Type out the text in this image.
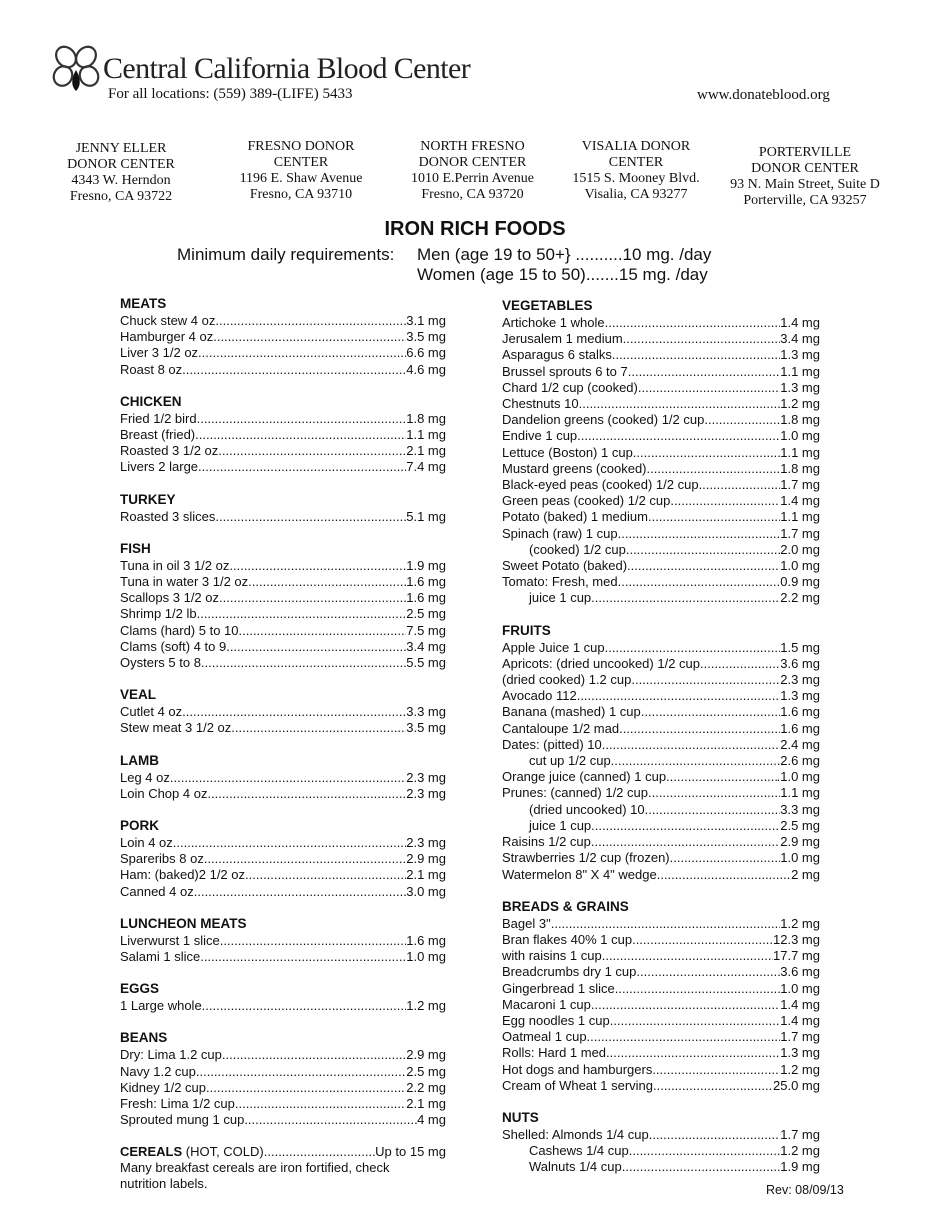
Central California Blood Center
For all locations: (559) 389-(LIFE) 5433	www.donateblood.org
JENNY ELLER
DONOR CENTER
4343 W. Herndon
Fresno, CA 93722
FRESNO DONOR
CENTER
1196 E. Shaw Avenue
Fresno, CA 93710
NORTH FRESNO
DONOR CENTER
1010 E.Perrin Avenue
Fresno, CA 93720
VISALIA DONOR
CENTER
1515 S. Mooney Blvd.
Visalia, CA 93277
PORTERVILLE
DONOR CENTER
93 N. Main Street, Suite D
Porterville, CA 93257
IRON RICH FOODS
Minimum daily requirements: Men (age 19 to 50+} ..........10 mg. /day
Women (age 15 to 50).......15 mg. /day
MEATS
Chuck stew 4 oz .....	3.1 mg
Hamburger 4 oz .....	3.5 mg
Liver 3 1/2 oz .....	6.6 mg
Roast 8 oz .....	4.6 mg
CHICKEN
Fried 1/2 bird .....	1.8 mg
Breast (fried). .....	1.1 mg
Roasted 3 1/2 oz .....	2.1 mg
Livers 2 large .....	7.4 mg
TURKEY
Roasted 3 slices .....	5.1 mg
FISH
Tuna in oil 3 1/2 oz .....	1.9 mg
Tuna in water 3 1/2 oz .....	1.6 mg
Scallops 3 1/2 oz .....	1.6 mg
Shrimp 1/2 lb .....	2.5 mg
Clams (hard) 5 to 10 .....	7.5 mg
Clams (soft) 4 to 9 .....	3.4 mg
Oysters 5 to 8 .....	5.5 mg
VEAL
Cutlet 4 oz .....	3.3 mg
Stew meat 3 1/2 oz .....	3.5 mg
LAMB
Leg 4 oz .....	2.3 mg
Loin Chop 4 oz .....	2.3 mg
PORK
Loin 4 oz .....	2.3 mg
Spareribs 8 oz .....	2.9 mg
Ham: (baked)2 1/2 oz .....	2.1 mg
Canned 4 oz .....	3.0 mg
LUNCHEON MEATS
Liverwurst 1 slice .....	1.6 mg
Salami 1 slice .....	1.0 mg
EGGS
1 Large whole .....	1.2 mg
BEANS
Dry: Lima 1.2 cup .....	2.9 mg
Navy 1.2 cup .....	2.5 mg
Kidney 1/2 cup .....	2.2 mg
Fresh: Lima 1/2 cup .....	2.1 mg
Sprouted mung 1 cup .....	4 mg
CEREALS (HOT, COLD) .....	Up to 15 mg
Many breakfast cereals are iron fortified, check
nutrition labels.
VEGETABLES
Artichoke 1 whole. .....	1.4 mg
Jerusalem 1 medium .....	3.4 mg
Asparagus 6 stalks .....	1.3 mg
Brussel sprouts 6 to 7 .....	1.1 mg
Chard 1/2 cup (cooked) .....	1.3 mg
Chestnuts 10 .....	1.2 mg
Dandelion greens (cooked) 1/2 cup .....	1.8 mg
Endive 1 cup .....	1.0 mg
Lettuce (Boston) 1 cup. .....	1.1 mg
Mustard greens (cooked) .....	1.8 mg
Black-eyed peas (cooked) 1/2 cup .....	1.7 mg
Green peas (cooked) 1/2 cup .....	1.4 mg
Potato (baked) 1 medium .....	1.1 mg
Spinach (raw) 1 cup .....	.1.7 mg
(cooked) 1/2 cup .....	2.0 mg
Sweet Potato (baked) .....	1.0 mg
Tomato: Fresh, med .....	0.9 mg
juice 1 cup .....	2.2 mg
FRUITS
Apple Juice 1 cup .....	1.5 mg
Apricots: (dried uncooked) 1/2 cup .....	3.6 mg
(dried cooked) 1.2 cup .....	2.3 mg
Avocado 112 .....	1.3 mg
Banana (mashed) 1 cup .....	1.6 mg
Cantaloupe 1/2 mad .....	1.6 mg
Dates: (pitted) 10 .....	2.4 mg
cut up 1/2 cup .....	2.6 mg
Orange juice (canned) 1 cup .....	.1.0 mg
Prunes: (canned) 1/2 cup .....	1.1 mg
(dried uncooked) 10 .....	3.3 mg
juice 1 cup .....	2.5 mg
Raisins 1/2 cup .....	2.9 mg
Strawberries 1/2 cup (frozen) .....	1.0 mg
Watermelon 8" X 4" wedge .....	2 mg
BREADS & GRAINS
Bagel 3" .....	1.2 mg
Bran flakes 40% 1 cup .....	12.3 mg
with raisins 1 cup .....	17.7 mg
Breadcrumbs dry 1 cup .....	3.6 mg
Gingerbread 1 slice .....	1.0 mg
Macaroni 1 cup .....	1.4 mg
Egg noodles 1 cup .....	1.4 mg
Oatmeal 1 cup .....	1.7 mg
Rolls: Hard 1 med .....	1.3 mg
Hot dogs and hamburgers .....	1.2 mg
Cream of Wheat 1 serving .....	25.0 mg
NUTS
Shelled: Almonds 1/4 cup .....	1.7 mg
Cashews 1/4 cup .....	1.2 mg
Walnuts 1/4 cup .....	1.9 mg
Rev: 08/09/13
